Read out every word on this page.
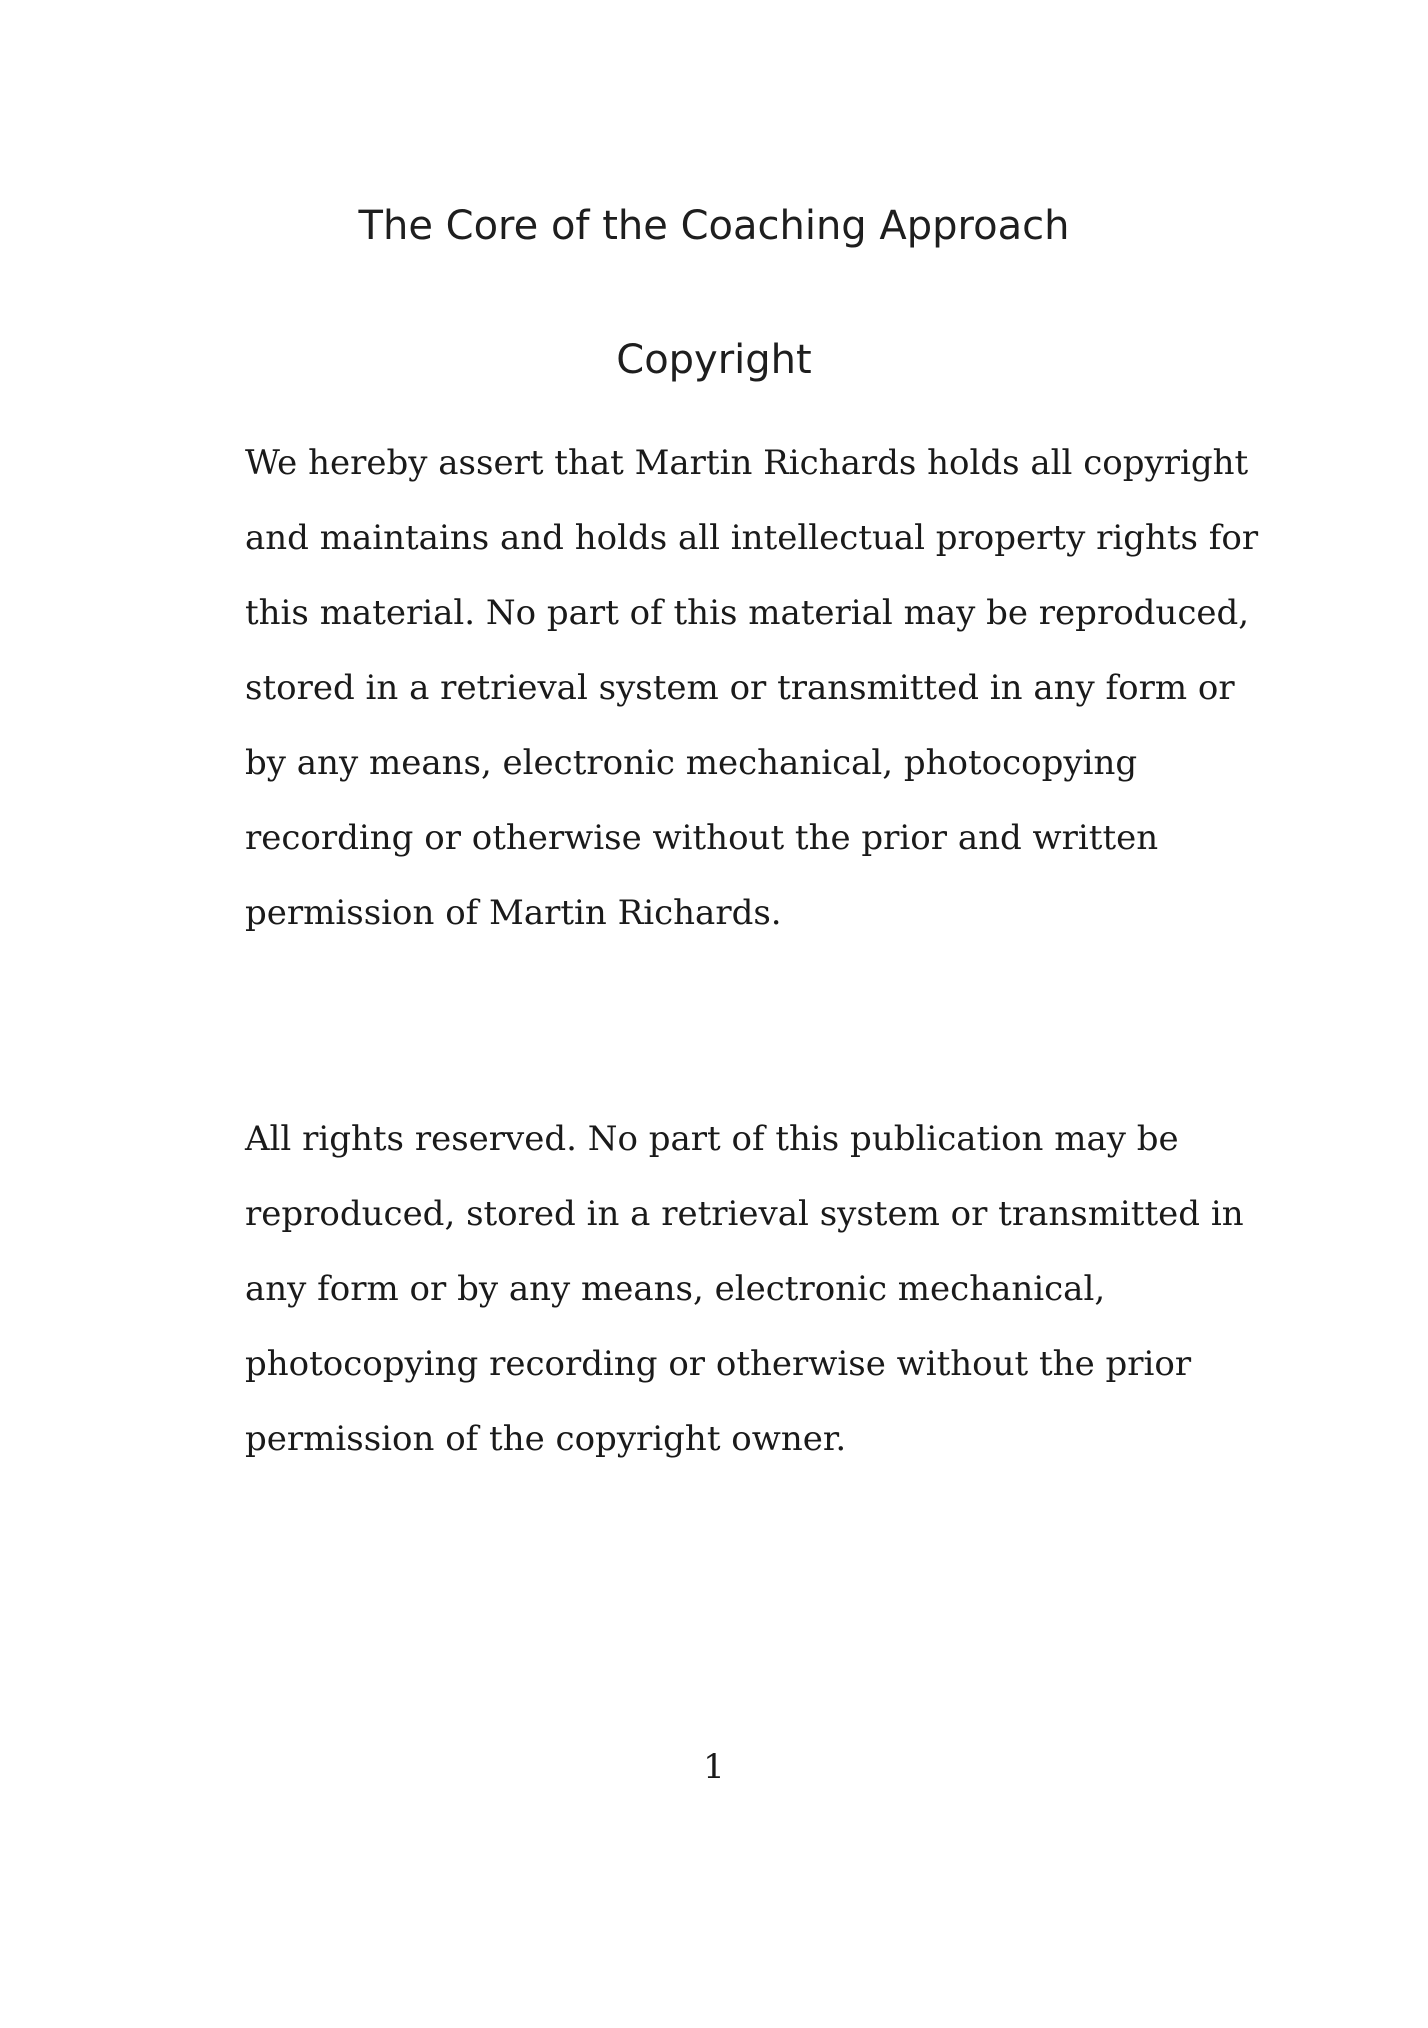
The Core of the Coaching Approach
Copyright

We hereby assert that Martin Richards holds all copyright
and maintains and holds all intellectual property rights for
this material. No part of this material may be reproduced,
stored in a retrieval system or transmitted in any form or
by any means, electronic mechanical, photocopying
recording or otherwise without the prior and written
permission of Martin Richards.

All rights reserved. No part of this publication may be
reproduced, stored in a retrieval system or transmitted in
any form or by any means, electronic mechanical,
photocopying recording or otherwise without the prior
permission of the copyright owner.

1
